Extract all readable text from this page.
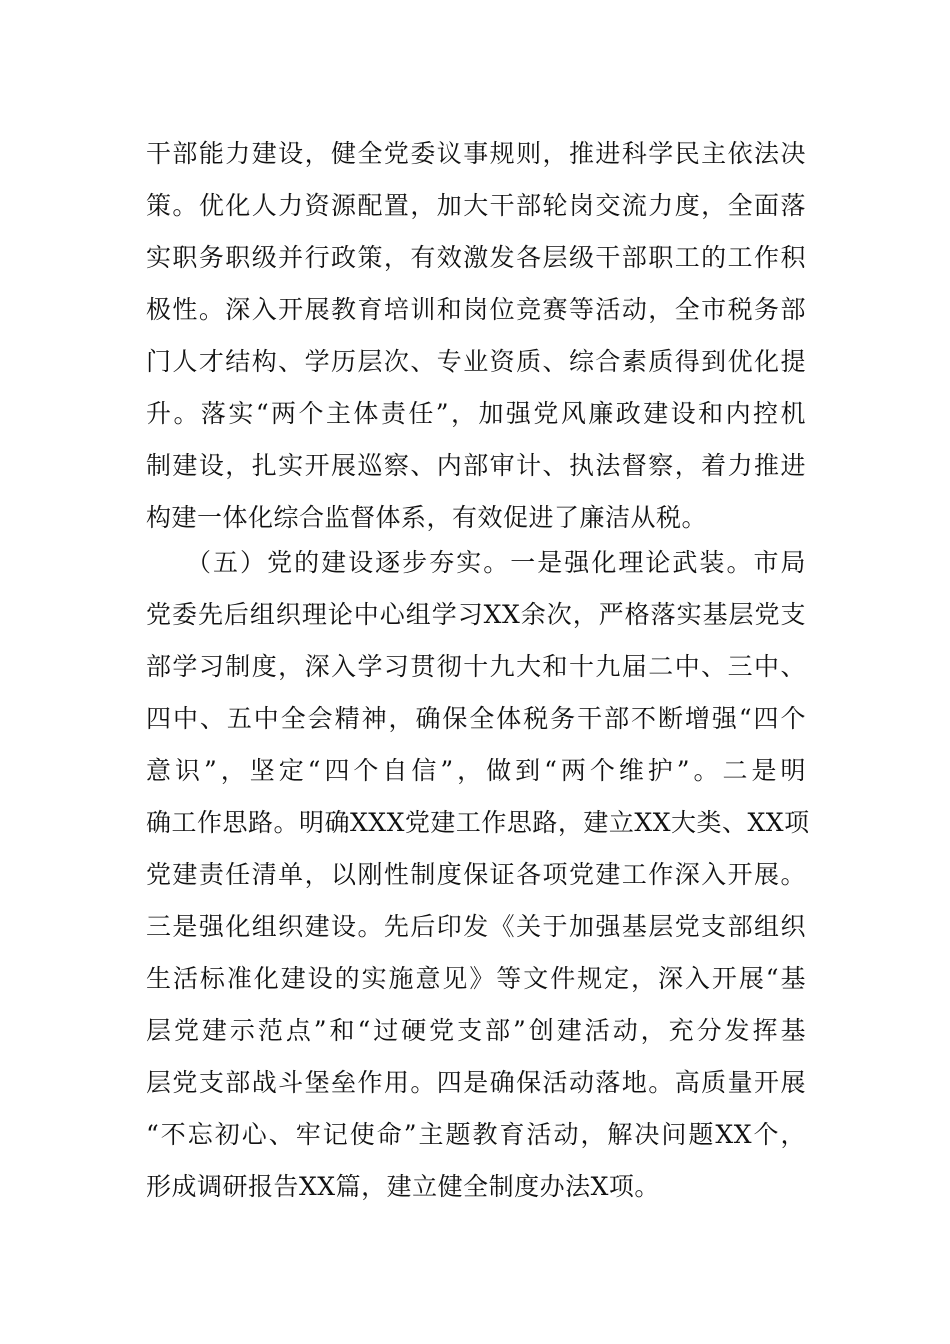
干部能力建设，健全党委议事规则，推进科学民主依法决
策。优化人力资源配置，加大干部轮岗交流力度，全面落
实职务职级并行政策，有效激发各层级干部职工的工作积
极性。深入开展教育培训和岗位竞赛等活动，全市税务部
门人才结构、学历层次、专业资质、综合素质得到优化提
升。落实“两个主体责任”，加强党风廉政建设和内控机
制建设，扎实开展巡察、内部审计、执法督察，着力推进
构建一体化综合监督体系，有效促进了廉洁从税。
（五）党的建设逐步夯实。一是强化理论武装。市局
党委先后组织理论中心组学习XX余次，严格落实基层党支
部学习制度，深入学习贯彻十九大和十九届二中、三中、
四中、五中全会精神，确保全体税务干部不断增强“四个
意识”，坚定“四个自信”，做到“两个维护”。二是明
确工作思路。明确XXX党建工作思路，建立XX大类、XX项
党建责任清单，以刚性制度保证各项党建工作深入开展。
三是强化组织建设。先后印发《关于加强基层党支部组织
生活标准化建设的实施意见》等文件规定，深入开展“基
层党建示范点”和“过硬党支部”创建活动，充分发挥基
层党支部战斗堡垒作用。四是确保活动落地。高质量开展
“不忘初心、牢记使命”主题教育活动，解决问题XX个，
形成调研报告XX篇，建立健全制度办法X项。
